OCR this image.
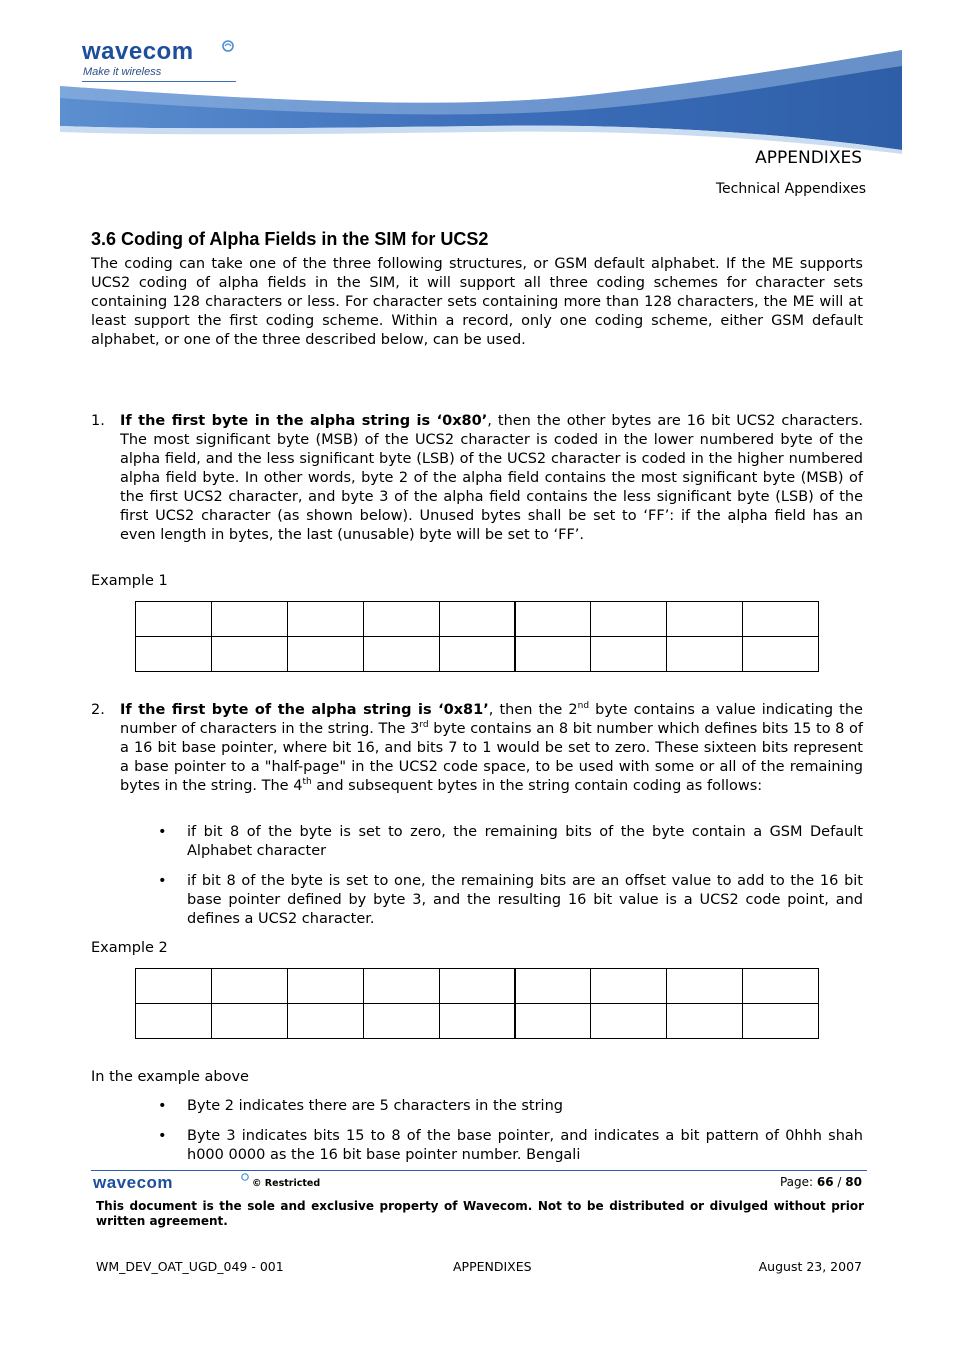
wavecom
Make it wireless
APPENDIXES
Technical Appendixes
3.6 Coding of Alpha Fields in the SIM for UCS2

The coding can take one of the three following structures, or GSM default alphabet. If the ME supports UCS2 coding of alpha fields in the SIM, it will support all three coding schemes for character sets containing 128 characters or less. For character sets containing more than 128 characters, the ME will at least support the first coding scheme. Within a record, only one coding scheme, either GSM default alphabet, or one of the three described below, can be used.

1. If the first byte in the alpha string is ‘0x80’, then the other bytes are 16 bit UCS2 characters. The most significant byte (MSB) of the UCS2 character is coded in the lower numbered byte of the alpha field, and the less significant byte (LSB) of the UCS2 character is coded in the higher numbered alpha field byte. In other words, byte 2 of the alpha field contains the most significant byte (MSB) of the first UCS2 character, and byte 3 of the alpha field contains the less significant byte (LSB) of the first UCS2 character (as shown below). Unused bytes shall be set to ‘FF’: if the alpha field has an even length in bytes, the last (unusable) byte will be set to ‘FF’.
Example 1

2. If the first byte of the alpha string is ‘0x81’, then the 2nd byte contains a value indicating the number of characters in the string. The 3rd byte contains an 8 bit number which defines bits 15 to 8 of a 16 bit base pointer, where bit 16, and bits 7 to 1 would be set to zero. These sixteen bits represent a base pointer to a "half-page" in the UCS2 code space, to be used with some or all of the remaining bytes in the string. The 4th and subsequent bytes in the string contain coding as follows:
• if bit 8 of the byte is set to zero, the remaining bits of the byte contain a GSM Default Alphabet character
• if bit 8 of the byte is set to one, the remaining bits are an offset value to add to the 16 bit base pointer defined by byte 3, and the resulting 16 bit value is a UCS2 code point, and defines a UCS2 character.
Example 2

In the example above
• Byte 2 indicates there are 5 characters in the string
• Byte 3 indicates bits 15 to 8 of the base pointer, and indicates a bit pattern of 0hhh shah h000 0000 as the 16 bit base pointer number. Bengali
wavecom	© Restricted	Page: 66 / 80

This document is the sole and exclusive property of Wavecom. Not to be distributed or divulged without prior written agreement.

WM_DEV_OAT_UGD_049 - 001	APPENDIXES	August 23, 2007
